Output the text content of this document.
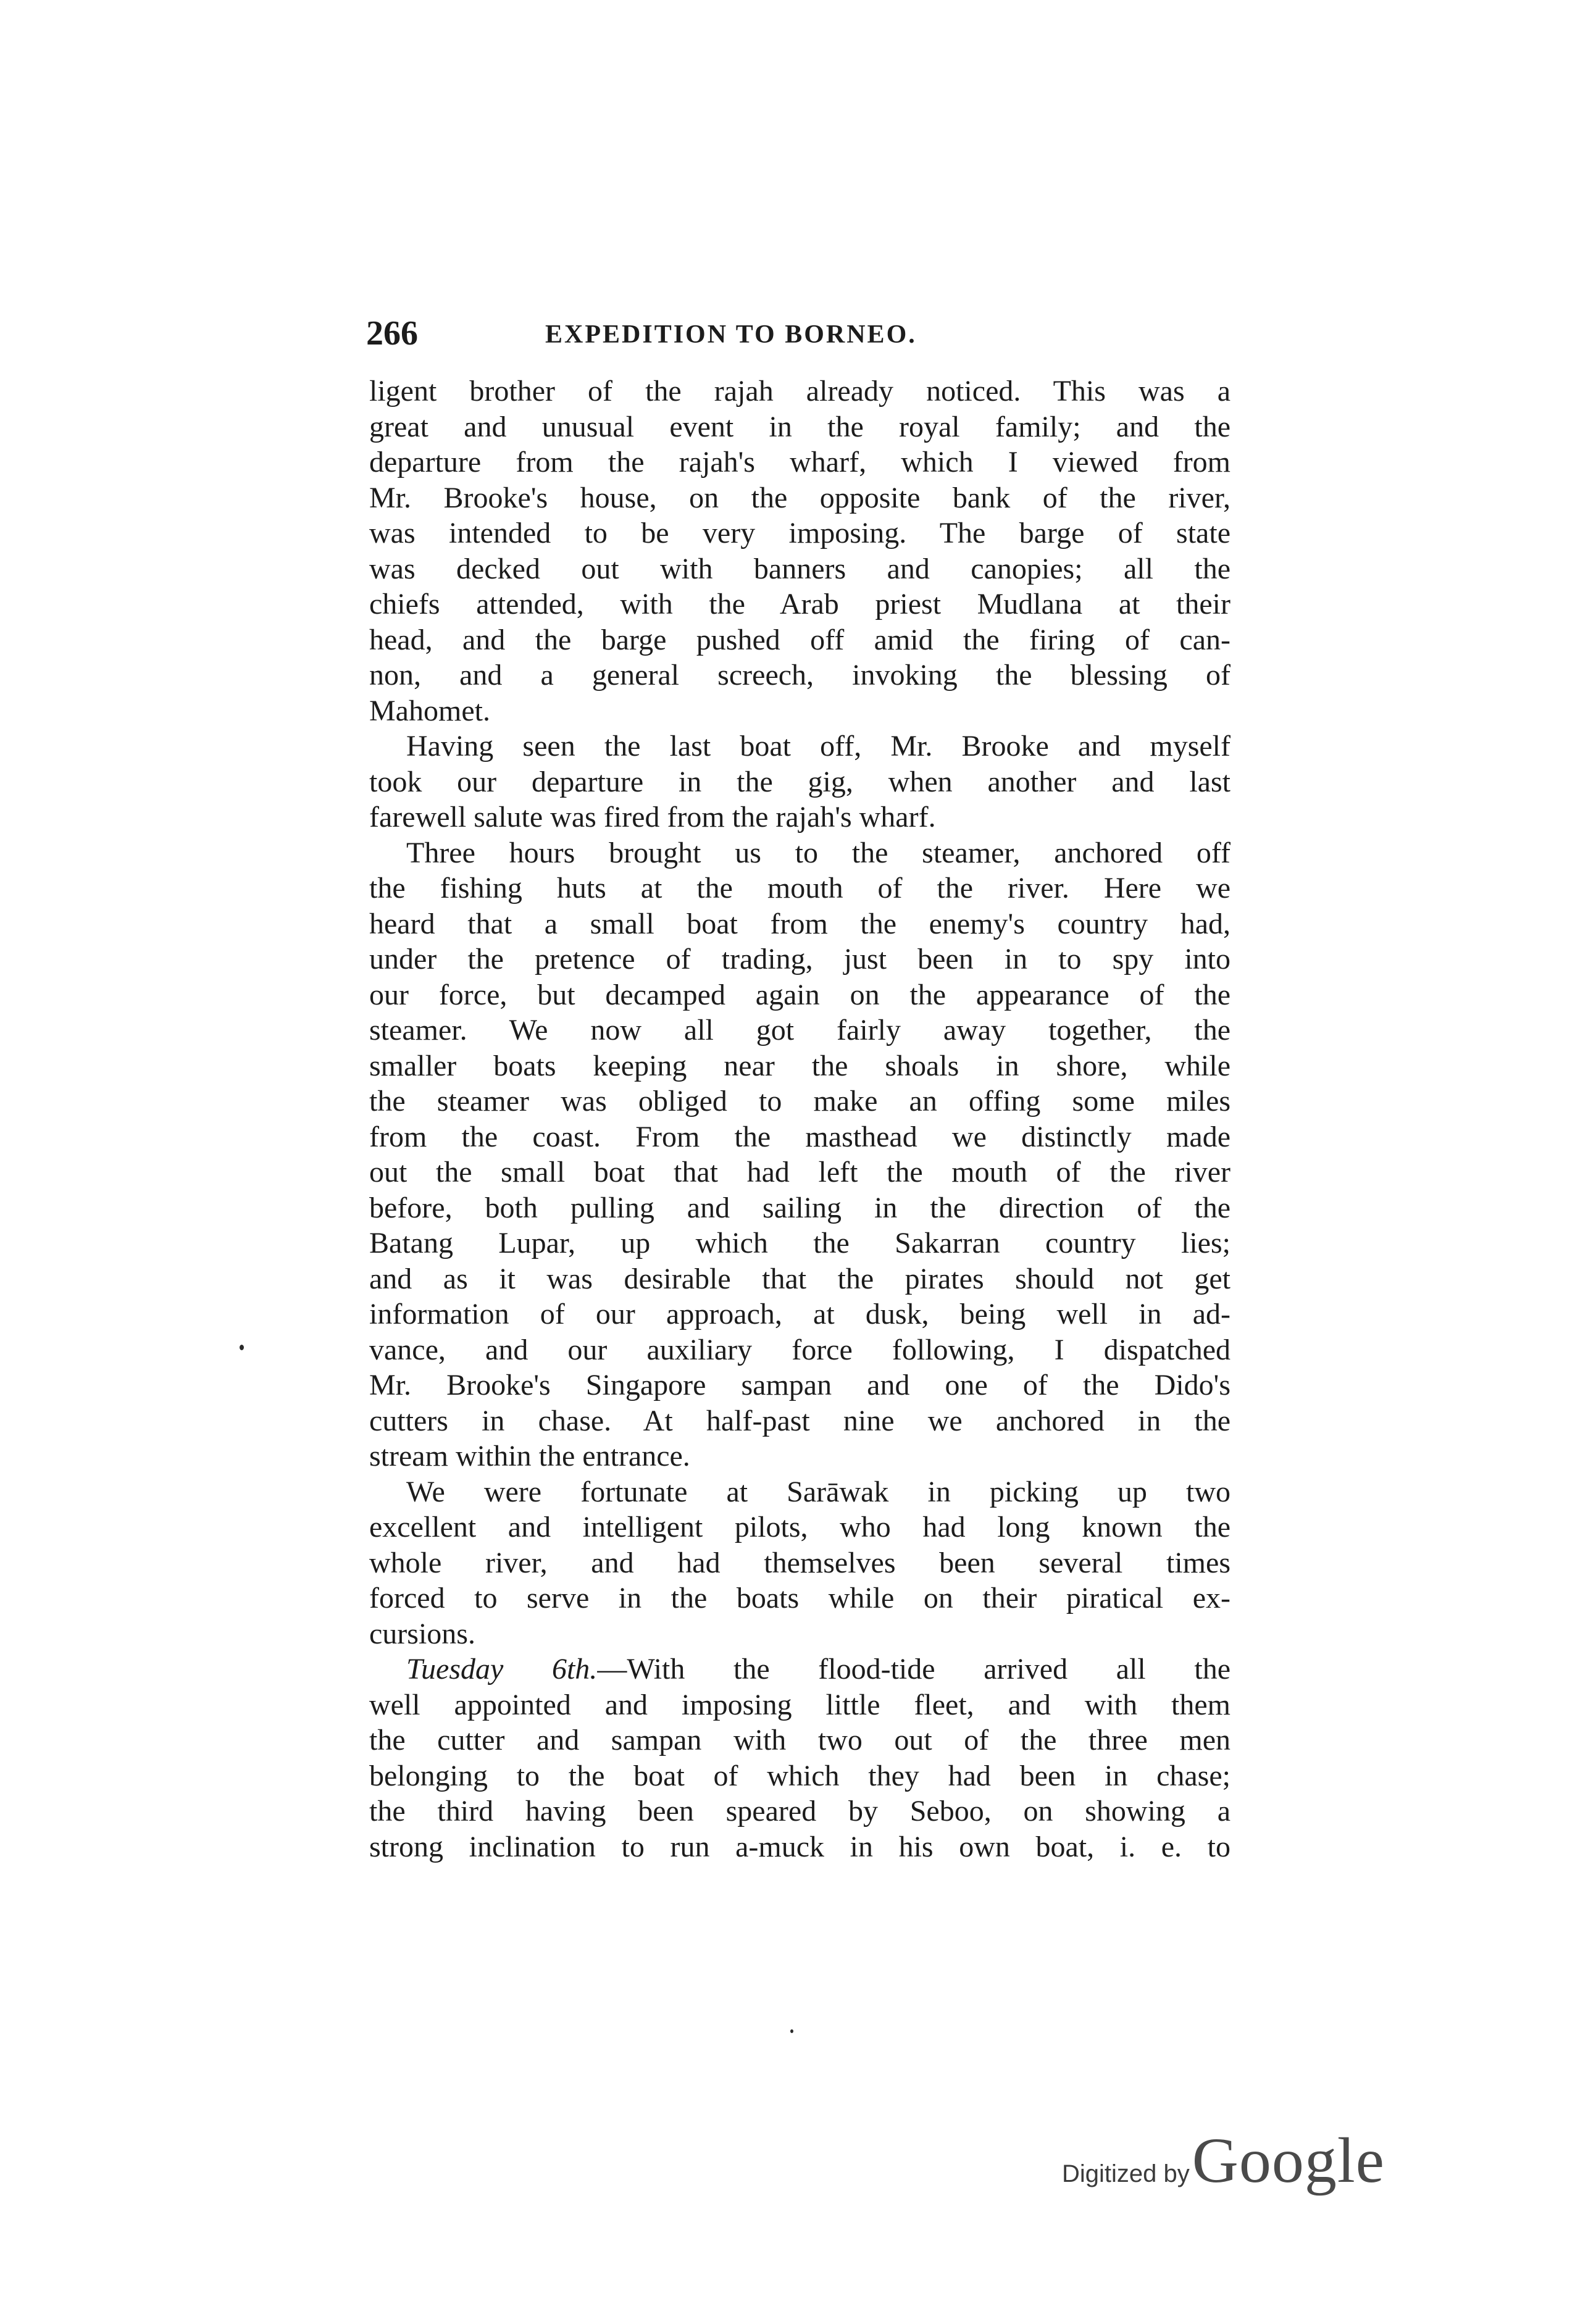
266	EXPEDITION TO BORNEO.
ligent brother of the rajah already noticed. This was a
great and unusual event in the royal family; and the
departure from the rajah's wharf, which I viewed from
Mr. Brooke's house, on the opposite bank of the river,
was intended to be very imposing. The barge of state
was decked out with banners and canopies; all the
chiefs attended, with the Arab priest Mudlana at their
head, and the barge pushed off amid the firing of can-
non, and a general screech, invoking the blessing of
Mahomet.
Having seen the last boat off, Mr. Brooke and myself
took our departure in the gig, when another and last
farewell salute was fired from the rajah's wharf.
Three hours brought us to the steamer, anchored off
the fishing huts at the mouth of the river. Here we
heard that a small boat from the enemy's country had,
under the pretence of trading, just been in to spy into
our force, but decamped again on the appearance of the
steamer. We now all got fairly away together, the
smaller boats keeping near the shoals in shore, while
the steamer was obliged to make an offing some miles
from the coast. From the masthead we distinctly made
out the small boat that had left the mouth of the river
before, both pulling and sailing in the direction of the
Batang Lupar, up which the Sakarran country lies;
and as it was desirable that the pirates should not get
information of our approach, at dusk, being well in ad-
vance, and our auxiliary force following, I dispatched
Mr. Brooke's Singapore sampan and one of the Dido's
cutters in chase. At half-past nine we anchored in the
stream within the entrance.
We were fortunate at Sarāwak in picking up two
excellent and intelligent pilots, who had long known the
whole river, and had themselves been several times
forced to serve in the boats while on their piratical ex-
cursions.
Tuesday 6th.—With the flood-tide arrived all the
well appointed and imposing little fleet, and with them
the cutter and sampan with two out of the three men
belonging to the boat of which they had been in chase;
the third having been speared by Seboo, on showing a
strong inclination to run a-muck in his own boat, i. e. to
Digitized by Google
